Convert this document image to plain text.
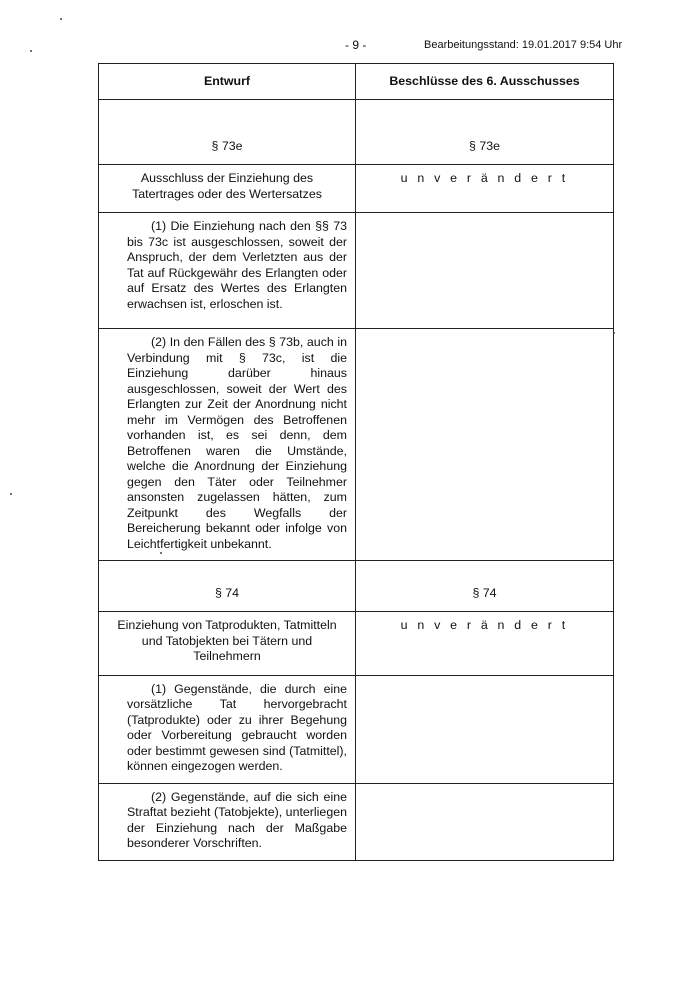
- 9 -	Bearbeitungsstand: 19.01.2017 9:54 Uhr
Entwurf	Beschlüsse des 6. Ausschusses
§ 73e	§ 73e
Ausschluss der Einziehung des Tatertrages oder des Wertersatzes	u n v e r ä n d e r t

(1) Die Einziehung nach den §§ 73 bis 73c ist ausgeschlossen, soweit der Anspruch, der dem Verletzten aus der Tat auf Rückgewähr des Erlangten oder auf Ersatz des Wertes des Erlangten erwachsen ist, erloschen ist.	

(2) In den Fällen des § 73b, auch in Verbindung mit § 73c, ist die Einziehung darüber hinaus ausgeschlossen, soweit der Wert des Erlangten zur Zeit der Anordnung nicht mehr im Vermögen des Betroffenen vorhanden ist, es sei denn, dem Betroffenen waren die Umstände, welche die Anordnung der Einziehung gegen den Täter oder Teilnehmer ansonsten zugelassen hätten, zum Zeitpunkt des Wegfalls der Bereicherung bekannt oder infolge von Leichtfertigkeit unbekannt.	

§ 74	§ 74
Einziehung von Tatprodukten, Tatmitteln und Tatobjekten bei Tätern und Teilnehmern	u n v e r ä n d e r t

(1) Gegenstände, die durch eine vorsätzliche Tat hervorgebracht (Tatprodukte) oder zu ihrer Begehung oder Vorbereitung gebraucht worden oder bestimmt gewesen sind (Tatmittel), können eingezogen werden.	

(2) Gegenstände, auf die sich eine Straftat bezieht (Tatobjekte), unterliegen der Einziehung nach der Maßgabe besonderer Vorschriften.	
